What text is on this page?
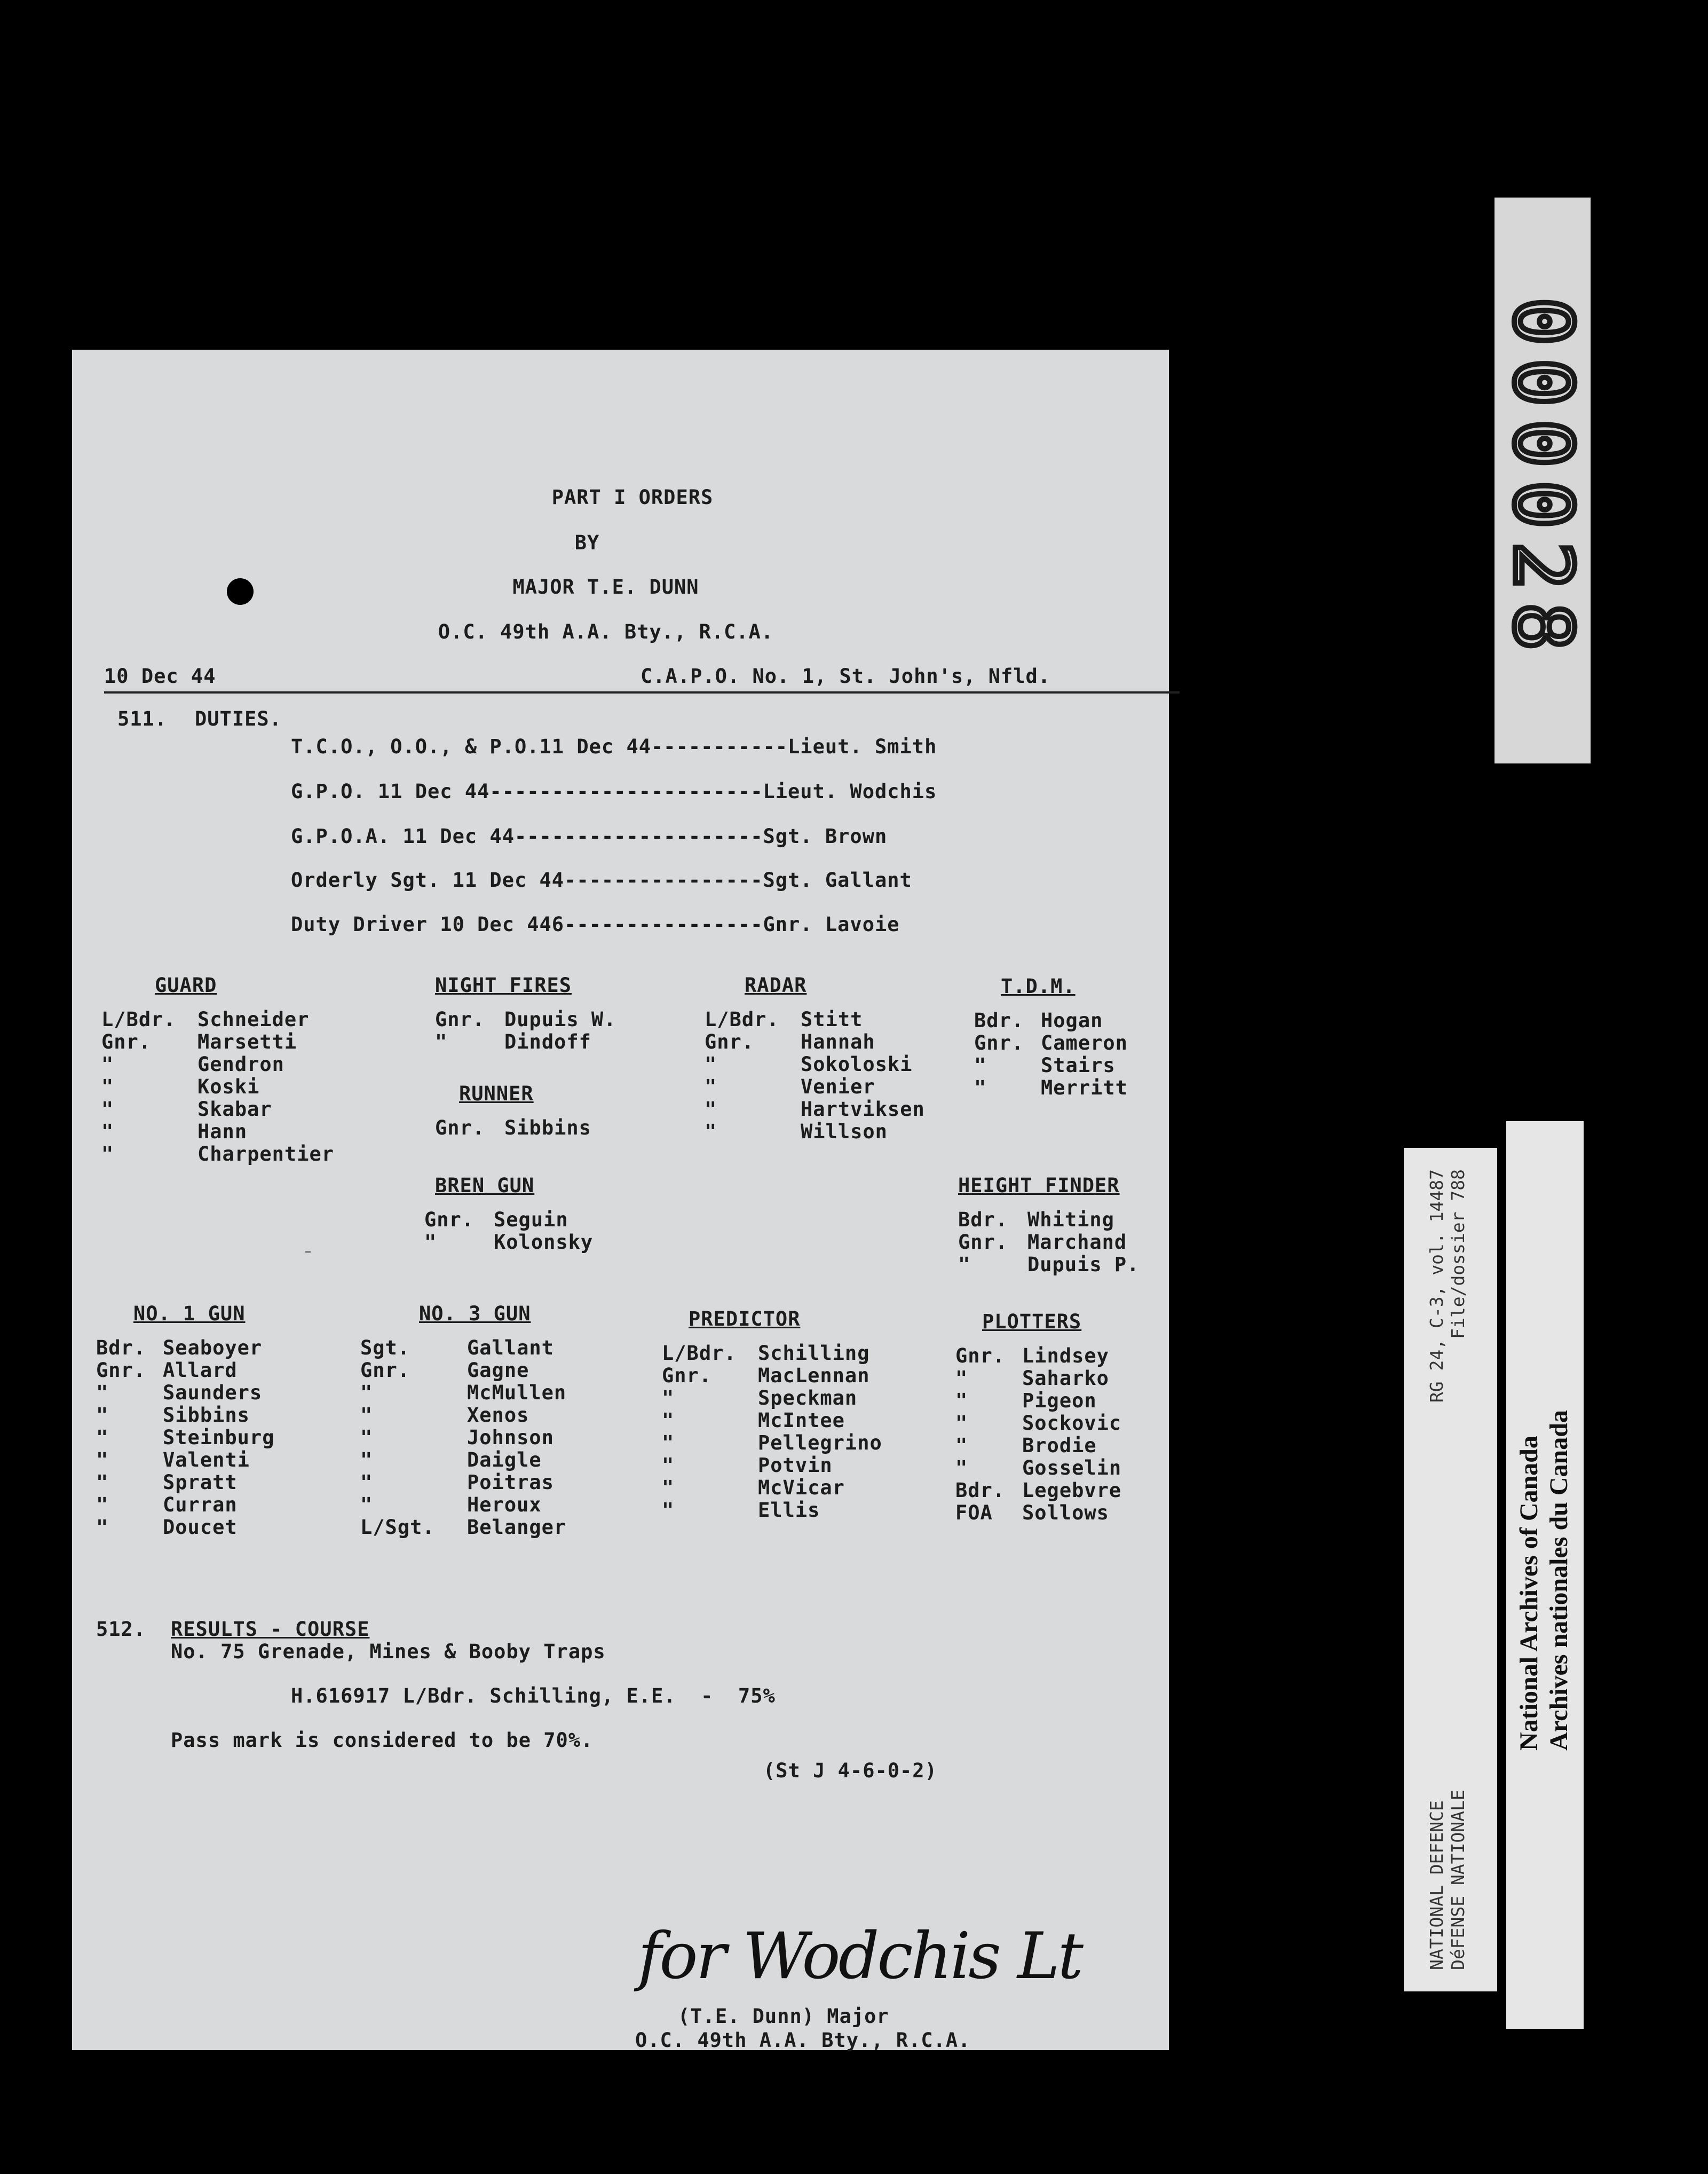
PART I ORDERS
BY
MAJOR T.E. DUNN
O.C. 49th A.A. Bty., R.C.A.
10 Dec 44	C.A.P.O. No. 1, St. John's, Nfld.
511. DUTIES.
T.C.O., O.O., & P.O.11 Dec 44-----------Lieut. Smith
G.P.O. 11 Dec 44----------------------Lieut. Wodchis
G.P.O.A. 11 Dec 44--------------------Sgt. Brown
Orderly Sgt. 11 Dec 44----------------Sgt. Gallant
Duty Driver 10 Dec 446----------------Gnr. Lavoie
GUARD
L/Bdr.	Schneider
Gnr.	Marsetti
"	Gendron
"	Koski
"	Skabar
"	Hann
"	Charpentier
NIGHT FIRES
Gnr. Dupuis W.
"	Dindoff
RUNNER
Gnr. Sibbins
BREN GUN
Gnr. Seguin
"	Kolonsky
RADAR
L/Bdr.	Stitt
Gnr.	Hannah
"	Sokoloski
"	Venier
"	Hartviksen
"	Willson
T.D.M.
Bdr. Hogan
Gnr. Cameron
"	Stairs
"	Merritt
HEIGHT FINDER
Bdr. Whiting
Gnr. Marchand
"	Dupuis P.
NO. 1 GUN
Bdr. Seaboyer
Gnr. Allard
"	Saunders
"	Sibbins
"	Steinburg
"	Valenti
"	Spratt
"	Curran
"	Doucet
NO. 3 GUN
Sgt.	Gallant
Gnr.	Gagne
"	McMullen
"	Xenos
"	Johnson
"	Daigle
"	Poitras
"	Heroux
L/Sgt.	Belanger
PREDICTOR
L/Bdr.	Schilling
Gnr.	MacLennan
"	Speckman
"	McIntee
"	Pellegrino
"	Potvin
"	McVicar
"	Ellis
PLOTTERS
Gnr. Lindsey
"	Saharko
"	Pigeon
"	Sockovic
"	Brodie
"	Gosselin
Bdr. Legebvre
FOA	Sollows
512. RESULTS - COURSE
No. 75 Grenade, Mines & Booby Traps
H.616917 L/Bdr. Schilling, E.E.  -  75%
Pass mark is considered to be 70%.
(St J 4-6-0-2)
for Wodchis Lt
(T.E. Dunn) Major
O.C. 49th A.A. Bty., R.C.A.
-
000028
NATIONAL DEFENCE
RG 24, C-3, vol. 14487
DéFENSE NATIONALE
File/dossier 788
National Archives of Canada Archives nationales du Canada
